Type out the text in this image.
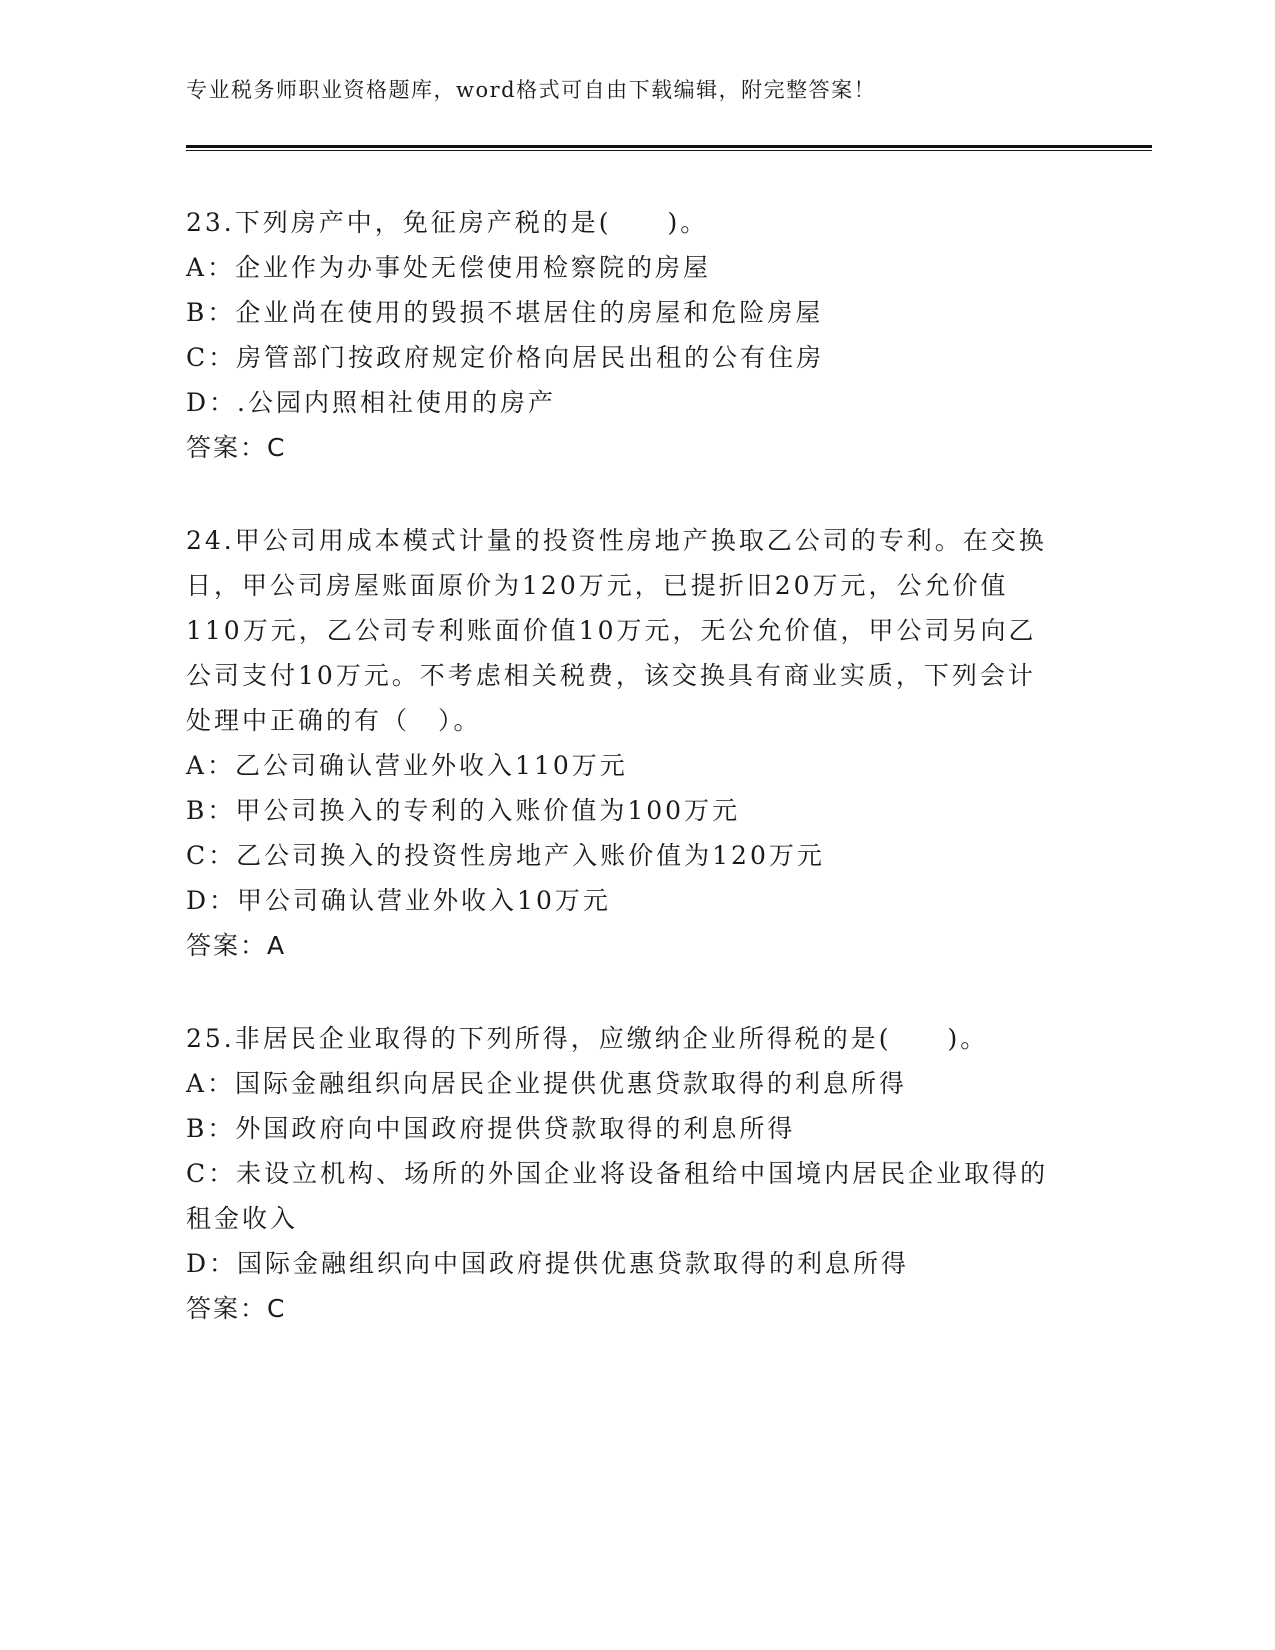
专业税务师职业资格题库，word格式可自由下载编辑，附完整答案！
23.下列房产中，免征房产税的是(　　)。
A：企业作为办事处无偿使用检察院的房屋
B：企业尚在使用的毁损不堪居住的房屋和危险房屋
C：房管部门按政府规定价格向居民出租的公有住房
D：.公园内照相社使用的房产
答案：C
24.甲公司用成本模式计量的投资性房地产换取乙公司的专利。在交换
日，甲公司房屋账面原价为120万元，已提折旧20万元，公允价值
110万元，乙公司专利账面价值10万元，无公允价值，甲公司另向乙
公司支付10万元。不考虑相关税费，该交换具有商业实质，下列会计
处理中正确的有（　）。
A：乙公司确认营业外收入110万元
B：甲公司换入的专利的入账价值为100万元
C：乙公司换入的投资性房地产入账价值为120万元
D：甲公司确认营业外收入10万元
答案：A
25.非居民企业取得的下列所得，应缴纳企业所得税的是(　　)。
A：国际金融组织向居民企业提供优惠贷款取得的利息所得
B：外国政府向中国政府提供贷款取得的利息所得
C：未设立机构、场所的外国企业将设备租给中国境内居民企业取得的
租金收入
D：国际金融组织向中国政府提供优惠贷款取得的利息所得
答案：C
